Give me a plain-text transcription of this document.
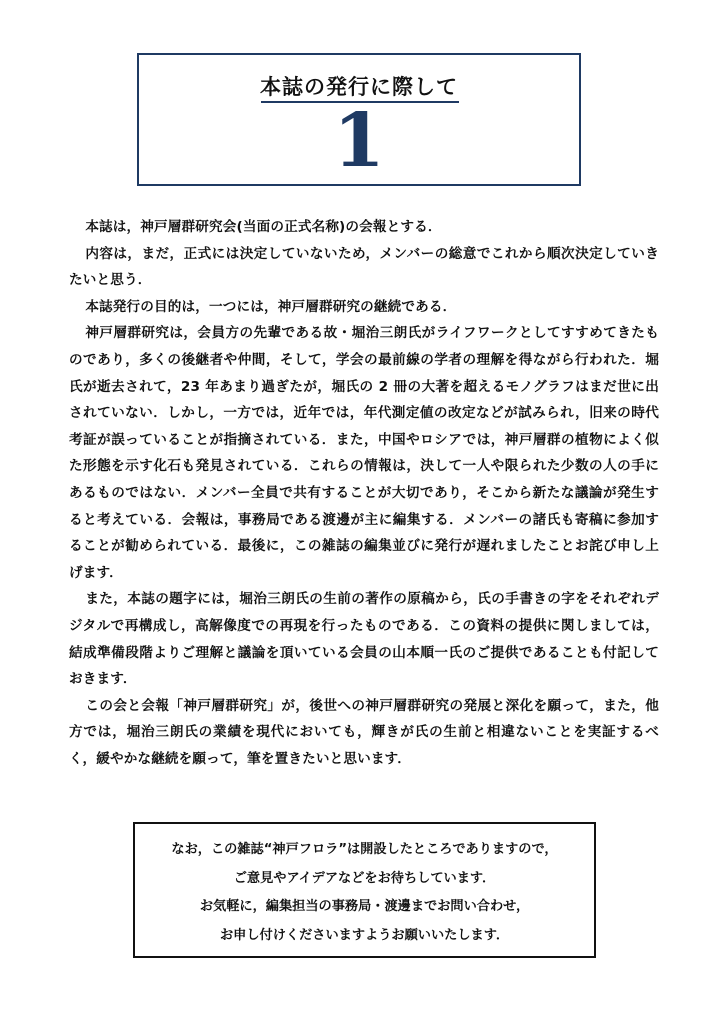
本誌の発行に際して
1

本誌は，神戸層群研究会(当面の正式名称)の会報とする．

内容は，まだ，正式には決定していないため，メンバーの総意でこれから順次決定していきたいと思う．

本誌発行の目的は，一つには，神戸層群研究の継続である．

神戸層群研究は，会員方の先輩である故・堀治三朗氏がライフワークとしてすすめてきたものであり，多くの後継者や仲間，そして，学会の最前線の学者の理解を得ながら行われた．堀氏が逝去されて，23 年あまり過ぎたが，堀氏の 2 冊の大著を超えるモノグラフはまだ世に出されていない．しかし，一方では，近年では，年代測定値の改定などが試みられ，旧来の時代考証が誤っていることが指摘されている．また，中国やロシアでは，神戸層群の植物によく似た形態を示す化石も発見されている．これらの情報は，決して一人や限られた少数の人の手にあるものではない．メンバー全員で共有することが大切であり，そこから新たな議論が発生すると考えている．会報は，事務局である渡邊が主に編集する．メンバーの諸氏も寄稿に参加することが勧められている．最後に，この雑誌の編集並びに発行が遅れましたことお詫び申し上げます．

また，本誌の題字には，堀治三朗氏の生前の著作の原稿から，氏の手書きの字をそれぞれデジタルで再構成し，高解像度での再現を行ったものである．この資料の提供に関しましては，結成準備段階よりご理解と議論を頂いている会員の山本順一氏のご提供であることも付記しておきます．

この会と会報「神戸層群研究」が，後世への神戸層群研究の発展と深化を願って，また，他方では，堀治三朗氏の業績を現代においても，輝きが氏の生前と相違ないことを実証するべく，緩やかな継続を願って，筆を置きたいと思います．

なお，この雑誌“神戸フロラ”は開設したところでありますので，
ご意見やアイデアなどをお待ちしています．
お気軽に，編集担当の事務局・渡邊までお問い合わせ，
お申し付けくださいますようお願いいたします．
